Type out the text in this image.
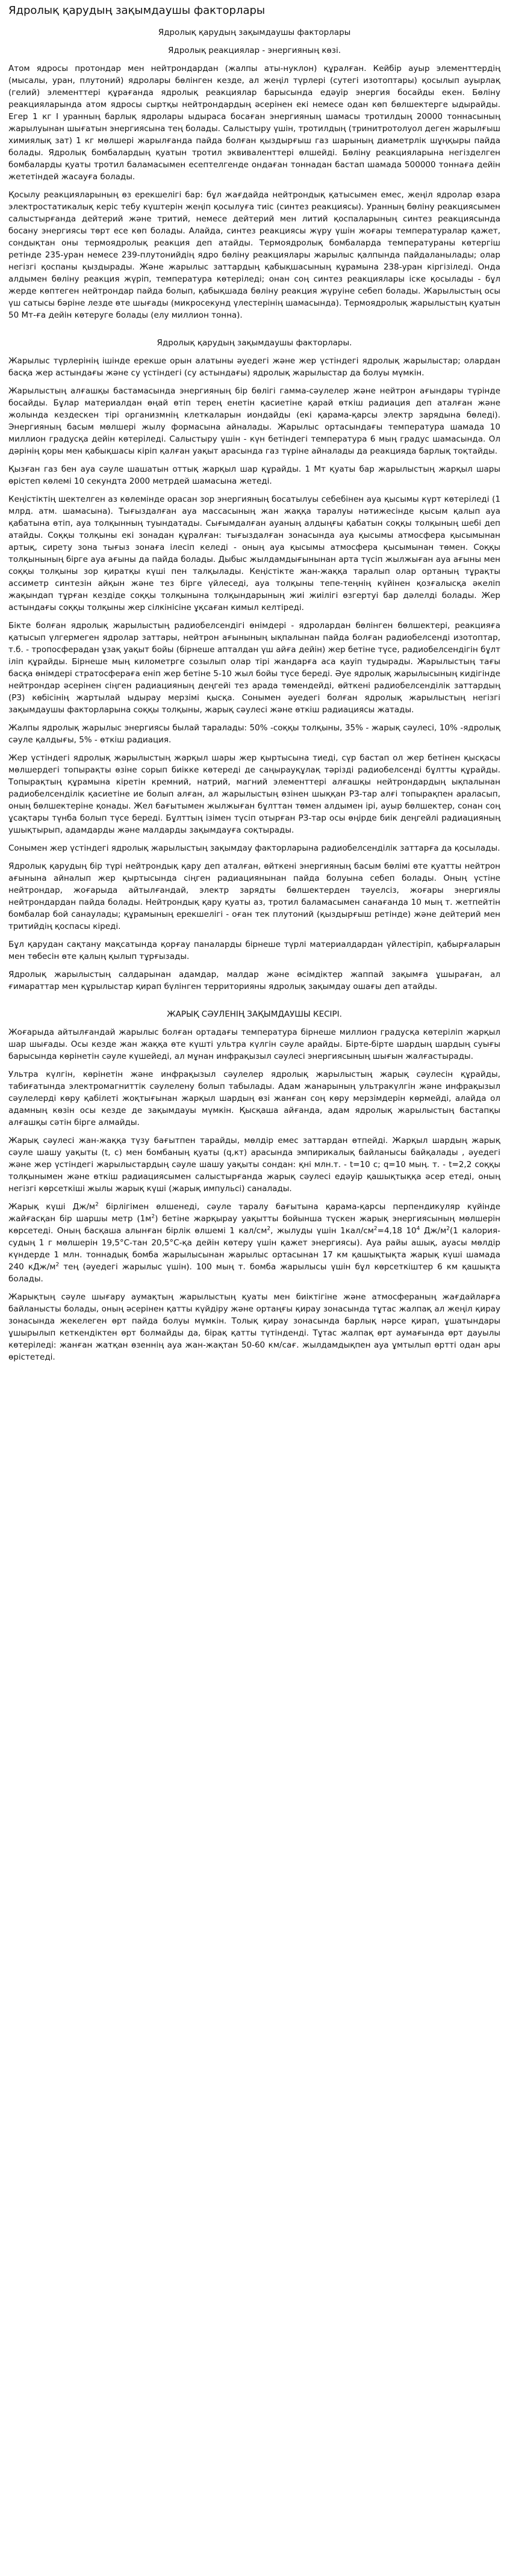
Ядролық қарудың зақымдаушы факторлары
Ядролық қарудың зақымдаушы факторлары
Ядролық реакциялар - энергияның көзі.

Атом ядросы протондар мен нейтрондардан (жалпы аты-нуклон) құралған. Кейбір ауыр элементтердің (мысалы, уран, плутоний) ядролары бөлінген кезде, ал жеңіл түрлері (сутегі изотоптары) қосылып ауырлақ (гелий) элементтері құрағанда ядролық реакциялар барысында едәуір энергия босайды екен. Бөліну реакцияларында атом ядросы сыртқы нейтрондардың әсерінен екі немесе одан көп бөлшектерге ыдырайды. Егер 1 кг І уранның барлық ядролары ыдыраса босаған энергияның шамасы тротилдың 20000 тоннасының жарылуынан шығатын энергиясына тең болады. Салыстыру үшін, тротилдың (тринитротолуол деген жарылғыш химиялық зат) 1 кг мөлшері жарылғанда пайда болған қыздырғыш газ шарының диаметрлік шұңқыры пайда болады. Ядролық бомбалардың қуатын тротил эквиваленттері өлшейді. Бөліну реакцияларына негізделген бомбаларды қуаты тротил баламасымен есептелгенде ондаған тоннадан бастап шамада 500000 тоннаға дейін жететіндей жасауға болады.

Қосылу реакцияларының өз ерекшелігі бар: бұл жағдайда нейтрондық қатысымен емес, жеңіл ядролар өзара электростатикалық керіс тебу күштерін жеңіп қосылуға тиіс (синтез реакциясы). Уранның бөліну реакциясымен салыстырғанда дейтерий және тритий, немесе дейтерий мен литий қоспаларының синтез реакциясында босану энергиясы төрт есе көп болады. Алайда, синтез реакциясы жүру үшін жоғары температуралар қажет, сондықтан оны термоядролық реакция деп атайды. Термоядролық бомбаларда температураны көтергіш ретінде 235-уран немесе 239-плутонийдің ядро бөліну реакциялары жарылыс қалпында пайдаланылады; олар негізгі қоспаны қыздырады. Және жарылыс заттардың қабықшасының құрамына 238-уран кіргізіледі. Онда алдымен бөліну реакция жүріп, температура көтеріледі; онан соң синтез реакциялары іске қосылады - бұл жерде көптеген нейтрондар пайда болып, қабықшада бөліну реакция жүруіне себеп болады. Жарылыстың осы үш сатысы бәріне лезде өте шығады (микросекунд үлестерінің шамасында). Термоядролық жарылыстың қуатын 50 Мт-ға дейін көтеруге болады (елу миллион тонна).

Ядролық қарудың зақымдаушы факторлары.

Жарылыс түрлерінің ішінде ерекше орын алатыны әуедегі және жер үстіндегі ядролық жарылыстар; олардан басқа жер астындағы және су үстіндегі (су астындағы) ядролық жарылыстар да болуы мүмкін.

Жарылыстың алғашқы бастамасында энергияның бір бөлігі гамма-сәулелер және нейтрон ағындары түрінде босайды. Бұлар материалдан өңай өтіп терең енетін қасиетіне қарай өткіш радиация деп аталған және жолында кездескен тірі организмнің клеткаларын иондайды (екі қарама-қарсы электр зарядына бөледі). Энергияның басым мөлшері жылу формасына айналады. Жарылыс ортасындағы температура шамада 10 миллион градусқа дейін көтеріледі. Салыстыру үшін - күн бетіндегі температура 6 мың градус шамасында. Ол дәрінің қоры мен қабықшасы кіріп қалған уақыт арасында газ түріне айналады да реакцияда барлық тоқтайды.

Қызған газ бен ауа сәуле шашатын оттық жарқыл шар құрайды. 1 Мт қуаты бар жарылыстың жарқыл шары өрістеп көлемі 10 секундта 2000 метрдей шамасына жетеді.

Кеңістіктің шектелген аз көлемінде орасан зор энергияның босатылуы себебінен ауа қысымы күрт көтеріледі (1 млрд. атм. шамасына). Тығыздалған ауа массасының жан жаққа таралуы нәтижесінде қысым қалып ауа қабатына өтіп, ауа толқынның туындатады. Сығымдалған ауаның алдыңғы қабатын соққы толқының шебі деп атайды. Соққы толқыны екі зонадан құралған: тығыздалған зонасында ауа қысымы атмосфера қысымынан артық, сирету зона тығыз зонаға ілесіп келеді - оның ауа қысымы атмосфера қысымынан төмен. Соққы толқынының бірге ауа ағыны да пайда болады. Дыбыс жылдамдығынынан арта түсіп жылжыған ауа ағыны мен соққы толқыны зор қиратқы күші пен талқылады. Кеңістікте жан-жаққа таралып олар ортаның тұрақты ассиметр синтезін айқын және тез бірге үйлеседі, ауа толқыны тепе-теңнің күйінен қозғалысқа әкеліп жақындап тұрған кездіде соққы толқынына толқындарының жиі жиілігі өзгертуі бар дәлелді болады. Жер астындағы соққы толқыны жер сілкінісіне ұқсаған кимыл келтіреді.

Бікте болған ядролық жарылыстың радиобелсендігі өнімдері - ядролардан бөлінген бөлшектері, реакцияға қатысып үлгермеген ядролар заттары, нейтрон ағынының ықпалынан пайда болған радиобелсенді изотоптар, т.б. - тропосферадан ұзақ уақыт бойы (бірнеше апталдан үш айға дейін) жер бетіне түсе, радиобелсендігін бұлт іліп құрайды. Бірнеше мың километрге созылып олар тірі жандарға аса қауіп тудырады. Жарылыстың тағы басқа өнімдері стратосфераға еніп жер бетіне 5-10 жыл бойы түсе береді. Әуе ядролық жарылысының кидігінде нейтрондар әсерінен сіңген радиацияның деңгейі тез арада төмендейді, өйткені радиобелсенділік заттардың (РЗ) көбісінің жартылай ыдырау мерзімі қысқа. Сонымен әуедегі болған ядролық жарылыстың негізгі зақымдаушы факторларына соққы толқыны, жарық сәулесі және өткіш радиациясы жатады.

Жалпы ядролық жарылыс энергиясы былай таралады: 50% -соққы толқыны, 35% - жарық сәулесі, 10% -ядролық сәуле қалдығы, 5% - өткіш радиация.

Жер үстіндегі ядролық жарылыстың жарқыл шары жер қыртысына тиеді, сүр бастап ол жер бетінен қысқасы мөлшердегі топырақты өзіне сорып биікке көтереді де саңырауқұлақ тәрізді радиобелсенді бұлтты құрайды. Топырақтың құрамына кіретін кремний, натрий, магний элементтері алғашқы нейтрондардың ықпалынан радиобелсенділік қасиетіне ие болып алған, ал жарылыстың өзінен шыққан РЗ-тар алғі топырақпен араласып, оның бөлшектеріне қонады. Жел бағытымен жылжыған бұлттан төмен алдымен ірі, ауыр бөлшектер, сонан соң ұсақтары түнба болып түсе береді. Бұлттың ізімен түсіп отырған РЗ-тар осы өңірде биік деңгейлі радиацияның ушықтырып, адамдарды және малдарды зақымдауға соқтырады.

Сонымен жер үстіндегі ядролық жарылыстың зақымдау факторларына радиобелсенділік заттарға да қосылады.

Ядролық қарудың бір түрі нейтрондық қару деп аталған, өйткені энергияның басым бөлімі өте қуатты нейтрон ағынына айналып жер қыртысында сіңген радиациянынан пайда болуына себеп болады. Оның үстіне нейтрондар, жоғарыда айтылғандай, электр зарядты бөлшектерден тәуелсіз, жоғары энергиялы нейтрондардан пайда болады. Нейтрондық қару қуаты аз, тротил баламасымен санағанда 10 мың т. жетпейтін бомбалар бой санаулады; құрамының ерекшелігі - оған тек плутоний (қыздырғыш ретінде) және дейтерий мен тритийдің қоспасы кіреді.

Бұл қарудан сақтану мақсатында қорғау паналарды бірнеше түрлі материалдардан үйлестіріп, қабырғаларын мен төбесін өте қалың қылып тұрғызады.

Ядролық жарылыстың салдарынан адамдар, малдар және өсімдіктер жаппай зақымға ұшыраған, ал ғимараттар мен құрылыстар қирап бүлінген территорияны ядролық зақымдау ошағы деп атайды.

ЖАРЫҚ СӘУЛЕНІҢ ЗАҚЫМДАУШЫ КЕСІРІ.

Жоғарыда айтылғандай жарылыс болған ортадағы температура бірнеше миллион градусқа көтеріліп жарқыл шар шығады. Осы кезде жан жаққа өте күшті ультра күлгін сәуле арайды. Бірте-бірте шардың шардың суығы барысында көрінетін сәуле күшейеді, ал мұнан инфрақызыл сәулесі энергиясының шығын жалғастырады.

Ультра күлгін, көрінетін және инфрақызыл сәулелер ядролық жарылыстың жарық сәулесін құрайды, табиғатында электромагниттік сәулелену болып табылады. Адам жанарының ультракүлгін және инфрақызыл сәулелерді көру қабілеті жоқтығынан жарқыл шардың өзі жанған соң көру мерзімдерін көрмейді, алайда ол адамның көзін осы кезде де зақымдауы мүмкін. Қысқаша айғанда, адам ядролық жарылыстың бастапқы алғашқы сәтін бірге алмайды.

Жарық сәулесі жан-жаққа түзу бағытпен тарайды, мөлдір емес заттардан өтпейді. Жарқыл шардың жарық сәуле шашу уақыты (t, с) мен бомбаның қуаты (q,кт) арасында эмпирикалық байланысы байқалады , әуедегі және жер үстіндегі жарылыстардың сәуле шашу уақыты сондан: қні млн.т. - t=10 с; q=10 мың. т. - t=2,2 соққы толқынымен және өткіш радиациясымен салыстырғанда жарық сәулесі едәуір қашықтыққа әсер етеді, оның негізгі көрсеткіші жылы жарық күші (жарық импульсі) саналады.

Жарық күші $Дж/м^2$ бірлігімен өлшенеді, сәуле таралу бағытына қарама-қарсы перпендикуляр күйінде жайғасқан бір шаршы метр $(1м^2)$ бетіне жарқырау уақытты бойынша түскен жарық энергиясының мөлшерін көрсетеді. Оның басқаша алынған бірлік өлшемі 1 кал/$см^2$, жылуды үшін $1кал/см^2=4,18$ $10^4$ $Дж/м^2(1$ калория-судың 1 г мөлшерін 19,5°С-тан 20,5°С-қа дейін көтеру үшін қажет энергиясы). Ауа райы ашық, ауасы мөлдір күндерде 1 млн. тоннадық бомба жарылысынан жарылыс ортасынан 17 км қашықтықта жарық күші шамада 240 кДж/$м^2$ тең (әуедегі жарылыс үшін). 100 мың т. бомба жарылысы үшін бұл көрсеткіштер 6 км қашықта болады.

Жарықтың сәуле шығару аумақтың жарылыстың қуаты мен биіктігіне және атмосфераның жағдайларға байланысты болады, оның әсерінен қатты күйдіру және ортаңғы қирау зонасында тұтас жалпақ ал жеңіл қирау зонасында жекелеген өрт пайда болуы мүмкін. Толық қирау зонасында барлық нәрсе қирап, ұшатындары ұшырылып кеткендіктен өрт болмайды да, бірақ қатты түтінденді. Тұтас жалпақ өрт аумағында өрт дауылы көтеріледі: жанған жатқан өзеннің ауа жан-жақтан 50-60 км/сағ. жылдамдықпен ауа ұмтылып өртті одан ары өрістетеді.
